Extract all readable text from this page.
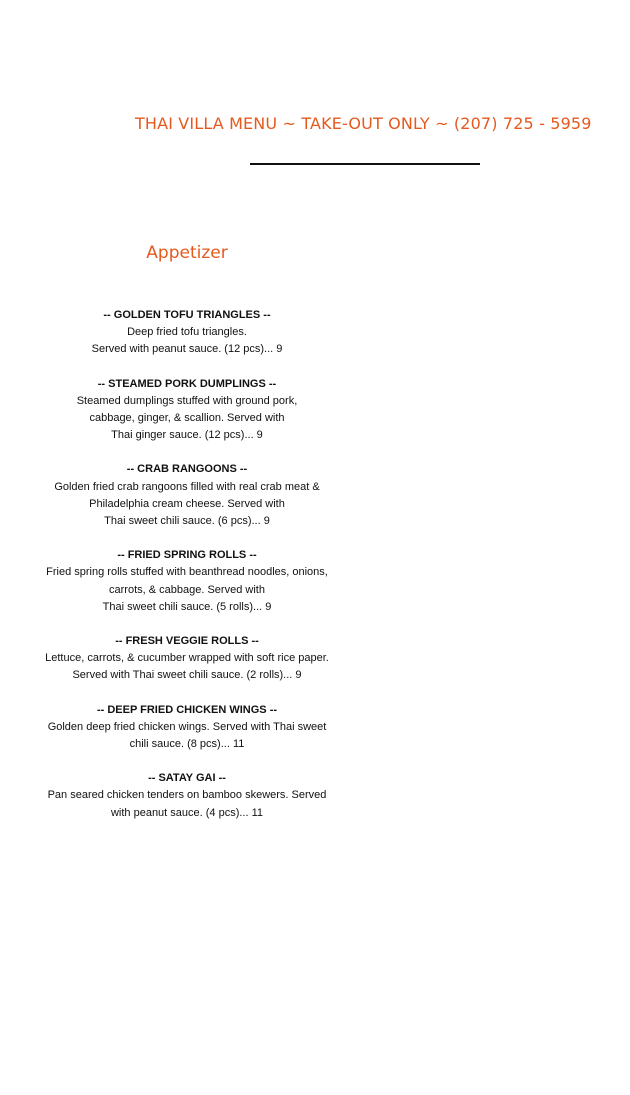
THAI VILLA MENU ~ TAKE-OUT ONLY ~ (207) 725 - 5959
Appetizer
-- GOLDEN TOFU TRIANGLES --
Deep fried tofu triangles.
Served with peanut sauce. (12 pcs)... 9
-- STEAMED PORK DUMPLINGS --
Steamed dumplings stuffed with ground pork,
cabbage, ginger, & scallion. Served with
Thai ginger sauce. (12 pcs)... 9
-- CRAB RANGOONS --
Golden fried crab rangoons filled with real crab meat &
Philadelphia cream cheese. Served with
Thai sweet chili sauce. (6 pcs)... 9
-- FRIED SPRING ROLLS --
Fried spring rolls stuffed with beanthread noodles, onions,
carrots, & cabbage. Served with
Thai sweet chili sauce. (5 rolls)... 9
-- FRESH VEGGIE ROLLS --
Lettuce, carrots, & cucumber wrapped with soft rice paper.
Served with Thai sweet chili sauce. (2 rolls)... 9
-- DEEP FRIED CHICKEN WINGS --
Golden deep fried chicken wings. Served with Thai sweet
chili sauce. (8 pcs)... 11
-- SATAY GAI --
Pan seared chicken tenders on bamboo skewers. Served
with peanut sauce. (4 pcs)... 11
